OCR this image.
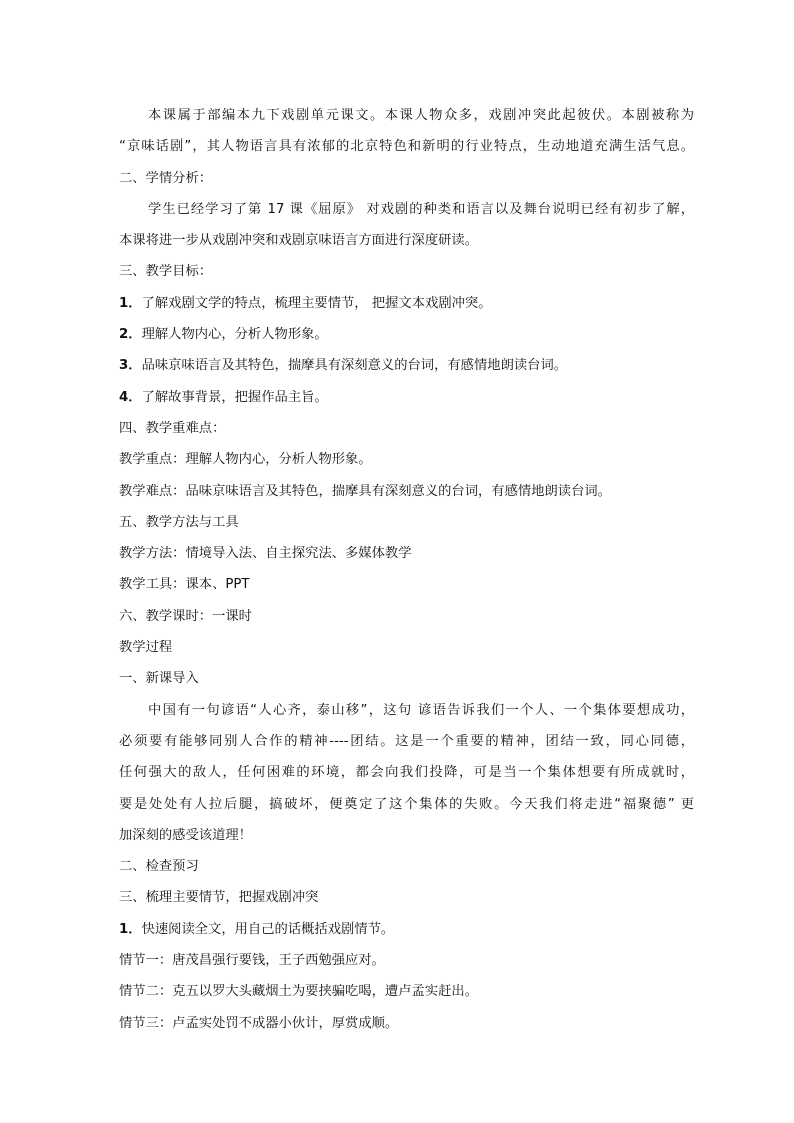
本课属于部编本九下戏剧单元课文。本课人物众多，戏剧冲突此起彼伏。本剧被称为
“京味话剧”，其人物语言具有浓郁的北京特色和新明的行业特点，生动地道充满生活气息。
二、学情分析：
学生已经学习了第 17 课《屈原》 对戏剧的种类和语言以及舞台说明已经有初步了解，
本课将进一步从戏剧冲突和戏剧京味语言方面进行深度研读。
三、教学目标：
1．了解戏剧文学的特点，梳理主要情节， 把握文本戏剧冲突。
2．理解人物内心，分析人物形象。
3．品味京味语言及其特色，揣摩具有深刻意义的台词，有感情地朗读台词。
4．了解故事背景，把握作品主旨。
四、教学重难点：
教学重点：理解人物内心，分析人物形象。
教学难点：品味京味语言及其特色，揣摩具有深刻意义的台词，有感情地朗读台词。
五、教学方法与工具
教学方法：情境导入法、自主探究法、多媒体教学
教学工具：课本、PPT
六、教学课时：一课时
教学过程
一、新课导入
中国有一句谚语“人心齐，泰山移”，这句 谚语告诉我们一个人、一个集体要想成功，
必须要有能够同别人合作的精神----团结。这是一个重要的精神，团结一致，同心同德，
任何强大的敌人，任何困难的环境，都会向我们投降，可是当一个集体想要有所成就时，
要是处处有人拉后腿，搞破坏，便奠定了这个集体的失败。今天我们将走进“福聚德” 更
加深刻的感受该道理！
二、检查预习
三、梳理主要情节，把握戏剧冲突
1．快速阅读全文，用自己的话概括戏剧情节。
情节一：唐茂昌强行要钱，王子西勉强应对。
情节二：克五以罗大头藏烟土为要挟骗吃喝，遭卢孟实赶出。
情节三：卢孟实处罚不成器小伙计，厚赏成顺。
